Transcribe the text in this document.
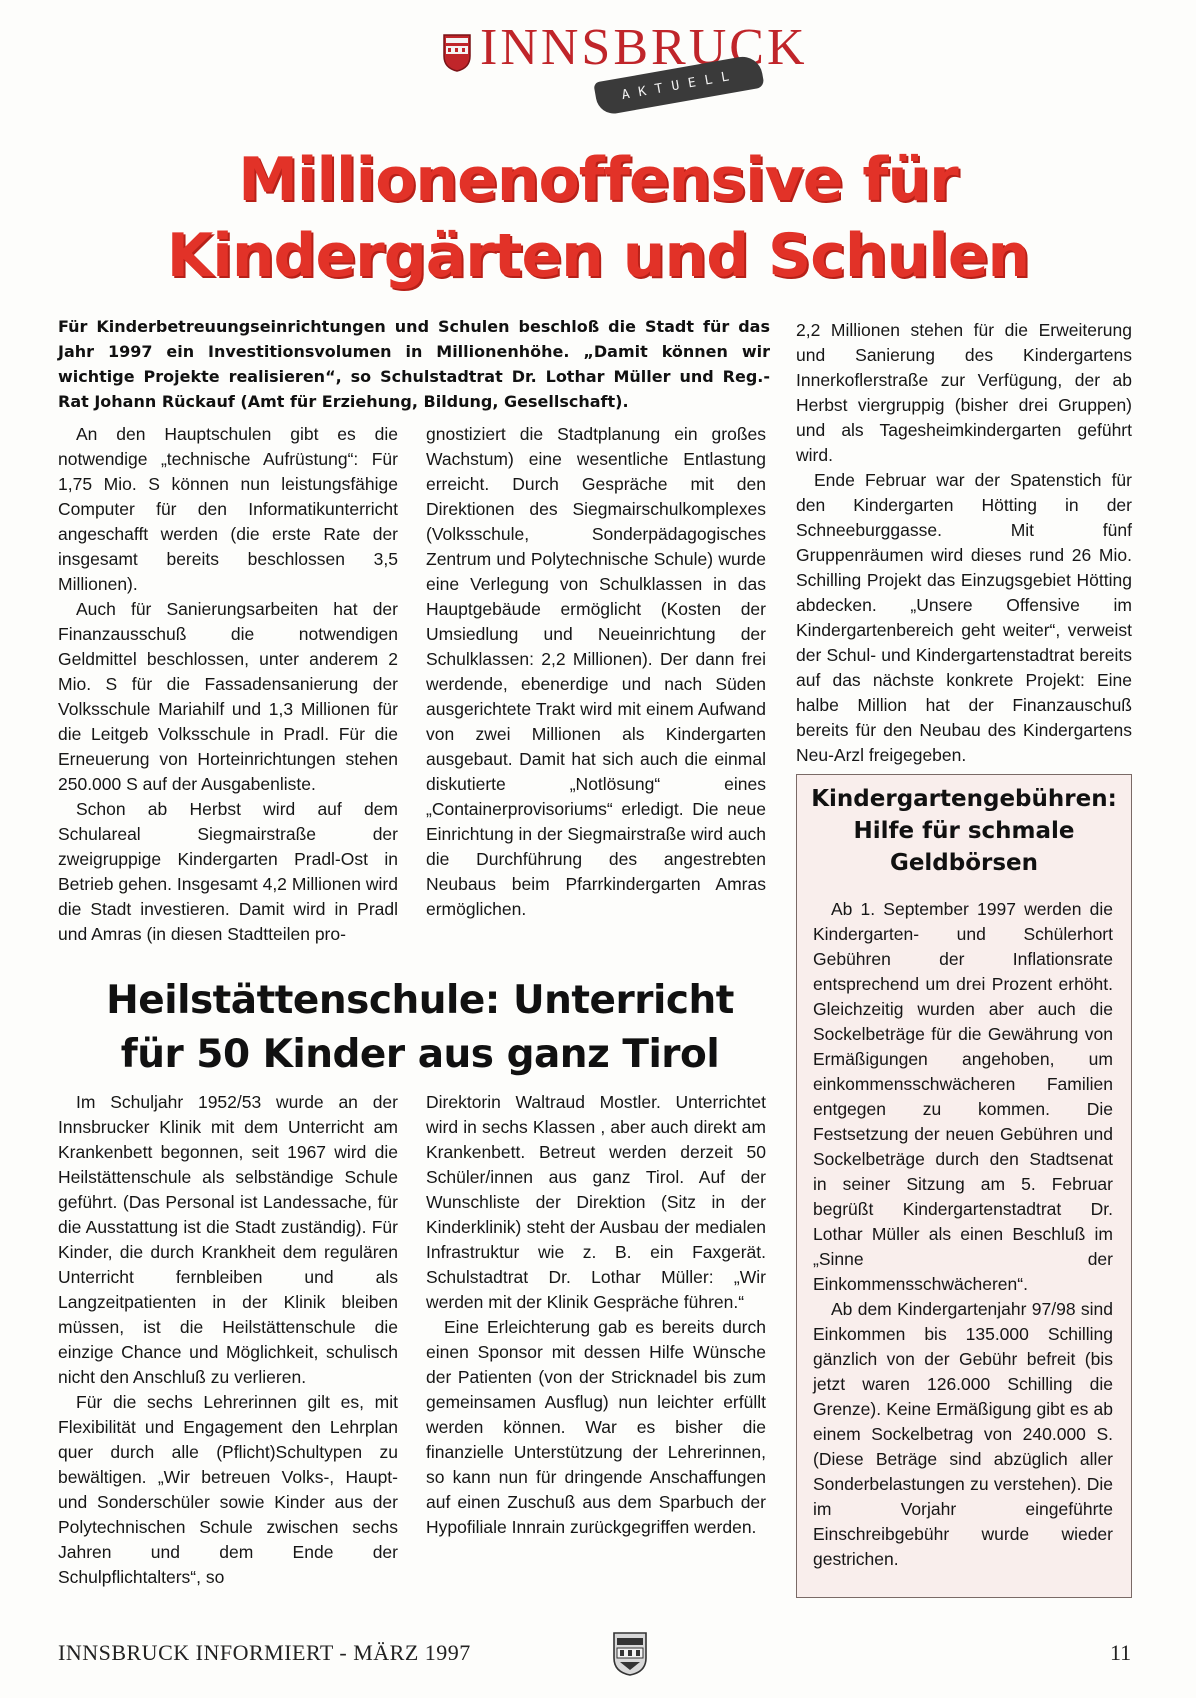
INNSBRUCK
AKTUELL
Millionenoffensive für
Kindergärten und Schulen
Für Kinderbetreuungseinrichtungen und Schulen beschloß die Stadt für das Jahr 1997 ein Investitionsvolumen in Millionenhöhe. „Damit können wir wichtige Projekte realisieren“, so Schulstadtrat Dr. Lothar Müller und Reg.-Rat Johann Rückauf (Amt für Erziehung, Bildung, Gesellschaft).

An den Hauptschulen gibt es die notwendige „technische Aufrüstung“: Für 1,75 Mio. S können nun leistungsfähige Computer für den Informatikunterricht angeschafft werden (die erste Rate der insgesamt bereits beschlossen 3,5 Millionen).

Auch für Sanierungsarbeiten hat der Finanzausschuß die notwendigen Geldmittel beschlossen, unter anderem 2 Mio. S für die Fassadensanierung der Volksschule Mariahilf und 1,3 Millionen für die Leitgeb Volksschule in Pradl. Für die Erneuerung von Horteinrichtungen stehen 250.000 S auf der Ausgabenliste.

Schon ab Herbst wird auf dem Schulareal Siegmairstraße der zweigruppige Kindergarten Pradl-Ost in Betrieb gehen. Insgesamt 4,2 Millionen wird die Stadt investieren. Damit wird in Pradl und Amras (in diesen Stadtteilen pro-

gnostiziert die Stadtplanung ein großes Wachstum) eine wesentliche Entlastung erreicht. Durch Gespräche mit den Direktionen des Siegmairschulkomplexes (Volksschule, Sonderpädagogisches Zentrum und Polytechnische Schule) wurde eine Verlegung von Schulklassen in das Hauptgebäude ermöglicht (Kosten der Umsiedlung und Neueinrichtung der Schulklassen: 2,2 Millionen). Der dann frei werdende, ebenerdige und nach Süden ausgerichtete Trakt wird mit einem Aufwand von zwei Millionen als Kindergarten ausgebaut. Damit hat sich auch die einmal diskutierte „Notlösung“ eines „Containerprovisoriums“ erledigt. Die neue Einrichtung in der Siegmairstraße wird auch die Durchführung des angestrebten Neubaus beim Pfarrkindergarten Amras ermöglichen.

2,2 Millionen stehen für die Erweiterung und Sanierung des Kindergartens Innerkoflerstraße zur Verfügung, der ab Herbst viergruppig (bisher drei Gruppen) und als Tagesheimkindergarten geführt wird.

Ende Februar war der Spatenstich für den Kindergarten Hötting in der Schneeburggasse. Mit fünf Gruppenräumen wird dieses rund 26 Mio. Schilling Projekt das Einzugsgebiet Hötting abdecken. „Unsere Offensive im Kindergartenbereich geht weiter“, verweist der Schul- und Kindergartenstadtrat bereits auf das nächste konkrete Projekt: Eine halbe Million hat der Finanzauschuß bereits für den Neubau des Kindergartens Neu-Arzl freigegeben.

Heilstättenschule: Unterricht
für 50 Kinder aus ganz Tirol

Im Schuljahr 1952/53 wurde an der Innsbrucker Klinik mit dem Unterricht am Krankenbett begonnen, seit 1967 wird die Heilstättenschule als selbständige Schule geführt. (Das Personal ist Landessache, für die Ausstattung ist die Stadt zuständig). Für Kinder, die durch Krankheit dem regulären Unterricht fernbleiben und als Langzeitpatienten in der Klinik bleiben müssen, ist die Heilstättenschule die einzige Chance und Möglichkeit, schulisch nicht den Anschluß zu verlieren.

Für die sechs Lehrerinnen gilt es, mit Flexibilität und Engagement den Lehrplan quer durch alle (Pflicht)Schultypen zu bewältigen. „Wir betreuen Volks-, Haupt- und Sonderschüler sowie Kinder aus der Polytechnischen Schule zwischen sechs Jahren und dem Ende der Schulpflichtalters“, so

Direktorin Waltraud Mostler. Unterrichtet wird in sechs Klassen , aber auch direkt am Krankenbett. Betreut werden derzeit 50 Schüler/innen aus ganz Tirol. Auf der Wunschliste der Direktion (Sitz in der Kinderklinik) steht der Ausbau der medialen Infrastruktur wie z. B. ein Faxgerät. Schulstadtrat Dr. Lothar Müller: „Wir werden mit der Klinik Gespräche führen.“

Eine Erleichterung gab es bereits durch einen Sponsor mit dessen Hilfe Wünsche der Patienten (von der Stricknadel bis zum gemeinsamen Ausflug) nun leichter erfüllt werden können. War es bisher die finanzielle Unterstützung der Lehrerinnen, so kann nun für dringende Anschaffungen auf einen Zuschuß aus dem Sparbuch der Hypofiliale Innrain zurückgegriffen werden.

Kindergartengebühren:
Hilfe für schmale
Geldbörsen

Ab 1. September 1997 werden die Kindergarten- und Schülerhort Gebühren der Inflationsrate entsprechend um drei Prozent erhöht. Gleichzeitig wurden aber auch die Sockelbeträge für die Gewährung von Ermäßigungen angehoben, um einkommensschwächeren Familien entgegen zu kommen. Die Festsetzung der neuen Gebühren und Sockelbeträge durch den Stadtsenat in seiner Sitzung am 5. Februar begrüßt Kindergartenstadtrat Dr. Lothar Müller als einen Beschluß im „Sinne der Einkommensschwächeren“.

Ab dem Kindergartenjahr 97/98 sind Einkommen bis 135.000 Schilling gänzlich von der Gebühr befreit (bis jetzt waren 126.000 Schilling die Grenze). Keine Ermäßigung gibt es ab einem Sockelbetrag von 240.000 S. (Diese Beträge sind abzüglich aller Sonderbelastungen zu verstehen). Die im Vorjahr eingeführte Einschreibgebühr wurde wieder gestrichen.

INNSBRUCK INFORMIERT - MÄRZ 1997	11
